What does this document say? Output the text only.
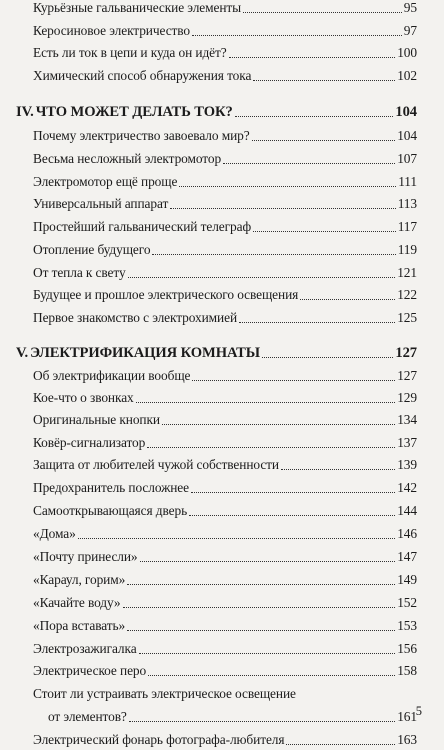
Курьёзные гальванические элементы	95
Керосиновое электричество	97
Есть ли ток в цепи и куда он идёт?	100
Химический способ обнаружения тока	102
IV. ЧТО МОЖЕТ ДЕЛАТЬ ТОК?	104
Почему электричество завоевало мир?	104
Весьма несложный электромотор	107
Электромотор ещё проще	111
Универсальный аппарат	113
Простейший гальванический телеграф	117
Отопление будущего	119
От тепла к свету	121
Будущее и прошлое электрического освещения	122
Первое знакомство с электрохимией	125
V. ЭЛЕКТРИФИКАЦИЯ КОМНАТЫ	127
Об электрификации вообще	127
Кое-что о звонках	129
Оригинальные кнопки	134
Ковёр-сигнализатор	137
Защита от любителей чужой собственности	139
Предохранитель посложнее	142
Самооткрывающаяся дверь	144
«Дома»	146
«Почту принесли»	147
«Караул, горим»	149
«Качайте воду»	152
«Пора вставать»	153
Электрозажигалка	156
Электрическое перо	158
Стоит ли устраивать электрическое освещение
от элементов?	161
Электрический фонарь фотографа-любителя	163
5
